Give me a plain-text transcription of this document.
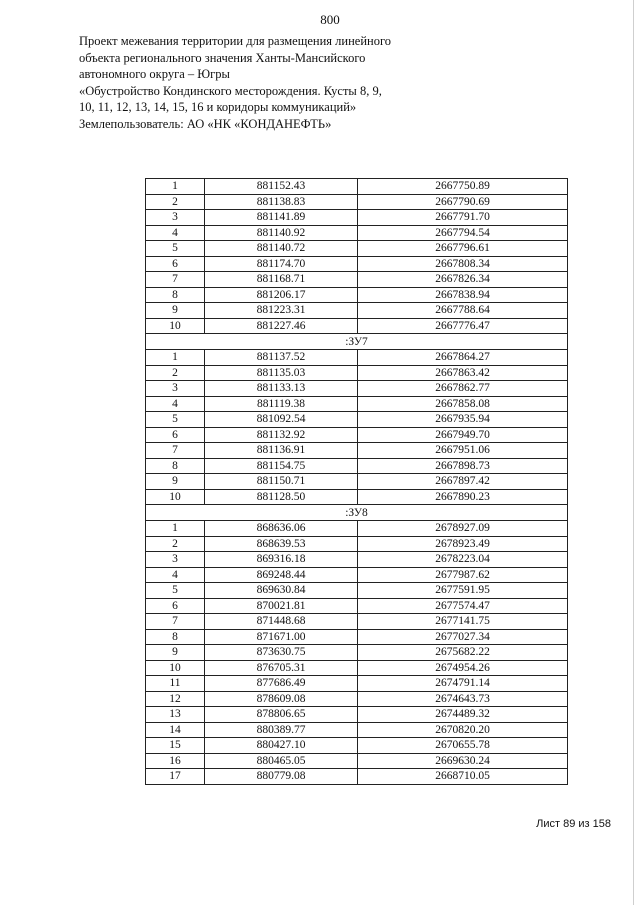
800
Проект межевания территории для размещения линейного
объекта регионального значения Ханты-Мансийского
автономного округа – Югры
«Обустройство Кондинского месторождения. Кусты 8, 9,
10, 11, 12, 13, 14, 15, 16 и коридоры коммуникаций»
Землепользователь: АО «НК «КОНДАНЕФТЬ»
1	881152.43	2667750.89
2	881138.83	2667790.69
3	881141.89	2667791.70
4	881140.92	2667794.54
5	881140.72	2667796.61
6	881174.70	2667808.34
7	881168.71	2667826.34
8	881206.17	2667838.94
9	881223.31	2667788.64
10	881227.46	2667776.47
:ЗУ7		
1	881137.52	2667864.27
2	881135.03	2667863.42
3	881133.13	2667862.77
4	881119.38	2667858.08
5	881092.54	2667935.94
6	881132.92	2667949.70
7	881136.91	2667951.06
8	881154.75	2667898.73
9	881150.71	2667897.42
10	881128.50	2667890.23
:ЗУ8		
1	868636.06	2678927.09
2	868639.53	2678923.49
3	869316.18	2678223.04
4	869248.44	2677987.62
5	869630.84	2677591.95
6	870021.81	2677574.47
7	871448.68	2677141.75
8	871671.00	2677027.34
9	873630.75	2675682.22
10	876705.31	2674954.26
11	877686.49	2674791.14
12	878609.08	2674643.73
13	878806.65	2674489.32
14	880389.77	2670820.20
15	880427.10	2670655.78
16	880465.05	2669630.24
17	880779.08	2668710.05
Лист 89 из 158
